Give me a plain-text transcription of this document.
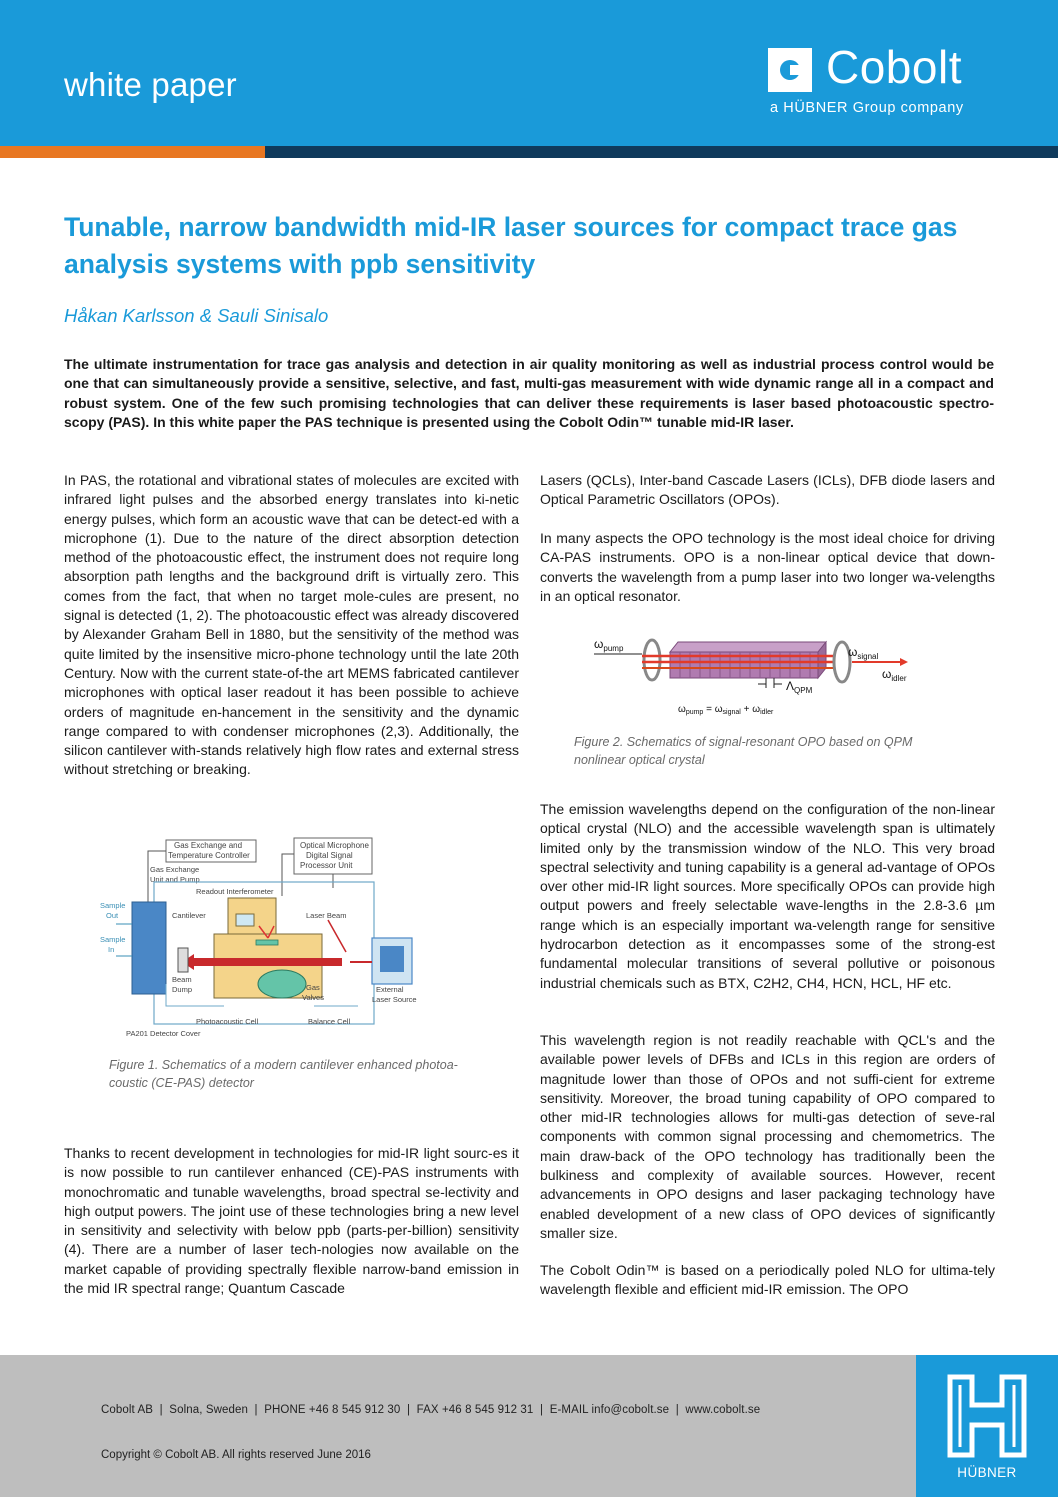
white paper	Cobolt
a HÜBNER Group company
Tunable, narrow bandwidth mid-IR laser sources for compact trace gas analysis systems with ppb sensitivity
Håkan Karlsson & Sauli Sinisalo

The ultimate instrumentation for trace gas analysis and detection in air quality monitoring as well as industrial process control would be one that can simultaneously provide a sensitive, selective, and fast, multi-gas measurement with wide dynamic range all in a compact and robust system. One of the few such promising technologies that can deliver these requirements is laser based photoacoustic spectro-scopy (PAS). In this white paper the PAS technique is presented using the Cobolt Odin™ tunable mid-IR laser.

In PAS, the rotational and vibrational states of molecules are excited with infrared light pulses and the absorbed energy translates into ki-netic energy pulses, which form an acoustic wave that can be detect-ed with a microphone (1). Due to the nature of the direct absorption detection method of the photoacoustic effect, the instrument does not require long absorption path lengths and the background drift is virtually zero. This comes from the fact, that when no target mole-cules are present, no signal is detected (1, 2). The photoacoustic effect was already discovered by Alexander Graham Bell in 1880, but the sensitivity of the method was quite limited by the insensitive micro-phone technology until the late 20th Century. Now with the current state-of-the art MEMS fabricated cantilever microphones with optical laser readout it has been possible to achieve orders of magnitude en-hancement in the sensitivity and the dynamic range compared to with condenser microphones (2,3). Additionally, the silicon cantilever with-stands relatively high flow rates and external stress without stretching or breaking.

Gas Exchange and
Temperature Controller
Optical Microphone
Digital Signal
Processor Unit
Gas Exchange
Unit and Pump
Sample
Out
Sample
In
Readout Interferometer
Cantilever	Laser Beam
Beam
Dump	Gas
Valves
External
Laser Source
Photoacoustic Cell	Balance Cell
PA201 Detector Cover

Figure 1. Schematics of a modern cantilever enhanced photoa-coustic (CE-PAS) detector

Thanks to recent development in technologies for mid-IR light sourc-es it is now possible to run cantilever enhanced (CE)-PAS instruments with monochromatic and tunable wavelengths, broad spectral se-lectivity and high output powers. The joint use of these technologies bring a new level in sensitivity and selectivity with below ppb (parts-per-billion) sensitivity (4). There are a number of laser tech-nologies now available on the market capable of providing spectrally flexible narrow-band emission in the mid IR spectral range; Quantum Cascade

Lasers (QCLs), Inter-band Cascade Lasers (ICLs), DFB diode lasers and Optical Parametric Oscillators (OPOs).

In many aspects the OPO technology is the most ideal choice for driving CA-PAS instruments. OPO is a non-linear optical device that down-converts the wavelength from a pump laser into two longer wa-velengths in an optical resonator.

$\omega_{pump}$	$\omega_{signal}$
$\omega_{idler}$
$\Lambda_{QPM}$
$\omega_{pump} = \omega_{signal} + \omega_{idler}$

Figure 2. Schematics of signal-resonant OPO based on QPM nonlinear optical crystal

The emission wavelengths depend on the configuration of the non-linear optical crystal (NLO) and the accessible wavelength span is ultimately limited only by the transmission window of the NLO. This very broad spectral selectivity and tuning capability is a general ad-vantage of OPOs over other mid-IR light sources. More specifically OPOs can provide high output powers and freely selectable wave-lengths in the 2.8-3.6 µm range which is an especially important wa-velength range for sensitive hydrocarbon detection as it encompasses some of the strong-est fundamental molecular transitions of several pollutive or poisonous industrial chemicals such as BTX, C2H2, CH4, HCN, HCL, HF etc.

This wavelength region is not readily reachable with QCL's and the available power levels of DFBs and ICLs in this region are orders of magnitude lower than those of OPOs and not suffi-cient for extreme sensitivity. Moreover, the broad tuning capability of OPO compared to other mid-IR technologies allows for multi-gas detection of seve-ral components with common signal processing and chemometrics. The main draw-back of the OPO technology has traditionally been the bulkiness and complexity of available sources. However, recent advancements in OPO designs and laser packaging technology have enabled development of a new class of OPO devices of significantly smaller size.

The Cobolt Odin™ is based on a periodically poled NLO for ultima-tely wavelength flexible and efficient mid-IR emission. The OPO

Cobolt AB  |  Solna, Sweden  |  PHONE +46 8 545 912 30  |  FAX +46 8 545 912 31  |  E-MAIL info@cobolt.se  |  www.cobolt.se
Copyright © Cobolt AB. All rights reserved June 2016
HÜBNER
